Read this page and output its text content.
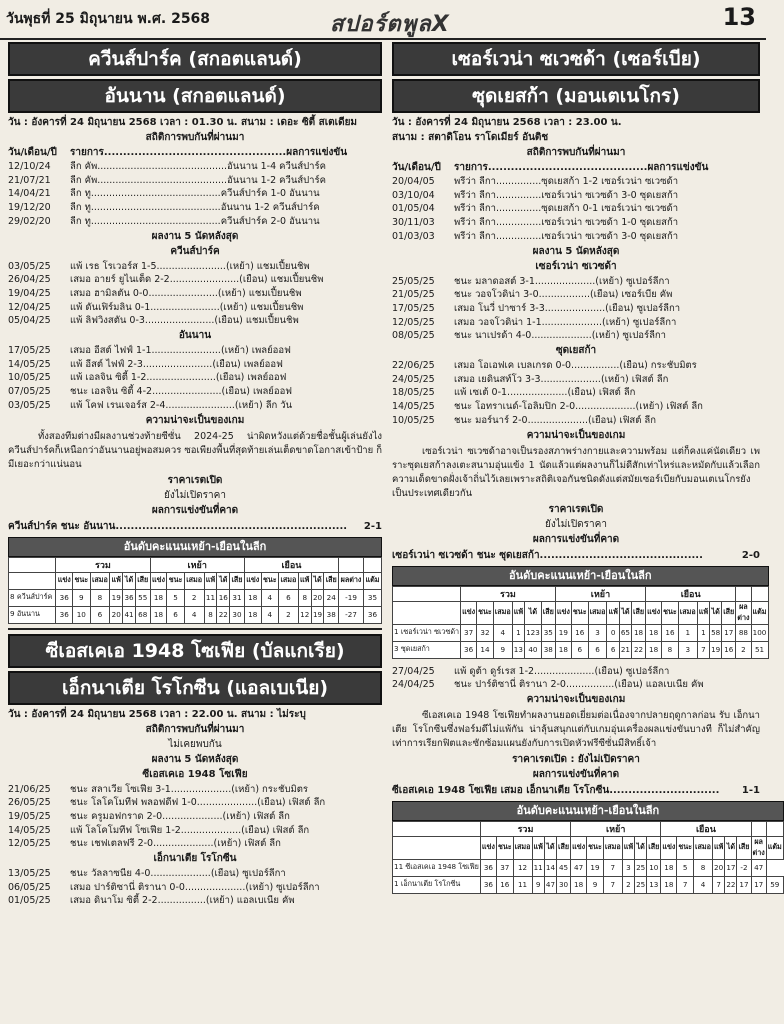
วันพุธที่ 25 มิถุนายน พ.ศ. 2568	สปอร์ตพูลX	13
ควีนส์ปาร์ค (สกอตแลนด์)
อันนาน (สกอตแลนด์)
วัน : อังคารที่ 24 มิถุนายน 2568 เวลา : 01.30 น. สนาม : เดอะ ซิตี้ สเตเดียม
สถิติการพบกันที่ผ่านมา
วัน/เดือน/ปี	รายการ................................................ผลการแข่งขัน
12/10/24	ลีก คัพ...........................................อันนาน 1-4 ควีนส์ปาร์ค
21/07/21	ลีก คัพ...........................................อันนาน 1-2 ควีนส์ปาร์ค
14/04/21	ลีก ทู...........................................ควีนส์ปาร์ค 1-0 อันนาน
19/12/20	ลีก ทู...........................................อันนาน 1-2 ควีนส์ปาร์ค
29/02/20	ลีก ทู...........................................ควีนส์ปาร์ค 2-0 อันนาน
ผลงาน 5 นัดหลังสุด
ควีนส์ปาร์ค
03/05/25	แพ้ เรธ โรเวอร์ส 1-5.......................(เหย้า) แชมเปี้ยนชิพ
26/04/25	เสมอ อายร์ ยูไนเต็ด 2-2.......................(เยือน) แชมเปี้ยนชิพ
19/04/25	เสมอ ฮามิลตัน 0-0.......................(เหย้า) แชมเปี้ยนชิพ
12/04/25	แพ้ ดันเฟิร์มลิน 0-1.......................(เหย้า) แชมเปี้ยนชิพ
05/04/25	แพ้ ลิฟวิงสตัน 0-3.......................(เยือน) แชมเปี้ยนชิพ
อันนาน
17/05/25	เสมอ อีสต์ ไฟฟ์ 1-1.......................(เหย้า) เพลย์ออฟ
14/05/25	แพ้ อีสต์ ไฟฟ์ 2-3.......................(เยือน) เพลย์ออฟ
10/05/25	แพ้ เอลจิน ซิตี้ 1-2.......................(เยือน) เพลย์ออฟ
07/05/25	ชนะ เอลจิน ซิตี้ 4-2.......................(เยือน) เพลย์ออฟ
03/05/25	แพ้ โคฟ เรนเจอร์ส 2-4.......................(เหย้า) ลีก วัน
ความน่าจะเป็นของเกม
ทั้งสองทีมต่างมีผลงานช่วงท้ายซีซั่น 2024-25 น่าผิดหวังแต่ด้วยชื่อชั้นผู้เล่นยังไง ควีนส์ปาร์คก็เหนือกว่าอันนานอยู่พอสมควร ซอเพียงพื้นที่สุดท้ายเล่นเต็ดขาดโอกาสเข้าป้าย ก็มีเยอะกว่าแน่นอน
ราคาเรตเปิด
ยังไม่เปิดราคา
ผลการแข่งขันที่คาด
ควีนส์ปาร์ค ชนะ อันนาน............................................................. 2-1
อันดับคะแนนเหย้า-เยือนในลีก
	รวม						เหย้า						เยือน							
	แข่ง	ชนะ	เสมอ	แพ้	ได้	เสีย	แข่ง	ชนะ	เสมอ	แพ้	ได้	เสีย	แข่ง	ชนะ	เสมอ	แพ้	ได้	เสีย	ผลต่าง	แต้ม
8 ควีนส์ปาร์ค	36	9	8	19	36	55	18	5	2	11	16	31	18	4	6	8	20	24	-19	35
9 อันนาน	36	10	6	20	41	68	18	6	4	8	22	30	18	4	2	12	19	38	-27	36
ซีเอสเคเอ 1948 โซเฟีย (บัลแกเรีย)
เอ็กนาเตีย โรโกซีน (แอลเบเนีย)
วัน : อังคารที่ 24 มิถุนายน 2568 เวลา : 22.00 น. สนาม : ไม่ระบุ
สถิติการพบกันที่ผ่านมา
ไม่เคยพบกัน
ผลงาน 5 นัดหลังสุด
ซีเอสเคเอ 1948 โซเฟีย
21/06/25	ชนะ สลาเวีย โซเฟีย 3-1....................(เหย้า) กระชับมิตร
26/05/25	ชนะ โลโคโมทีฟ พลอฟดีฟ 1-0....................(เยือน) เฟิสต์ ลีก
19/05/25	ชนะ ครูมอฟกราด 2-0....................(เหย้า) เฟิสต์ ลีก
14/05/25	แพ้ โลโคโมทีฟ โซเฟีย 1-2....................(เยือน) เฟิสต์ ลีก
12/05/25	ชนะ เชฟเตลฟรี 2-0....................(เหย้า) เฟิสต์ ลีก
เอ็กนาเตีย โรโกซีน
13/05/25	ชนะ วัลลาซนีย 4-0....................(เยือน) ซูเปอร์ลีกา
06/05/25	เสมอ ปาร์ติซานี่ ติรานา 0-0....................(เหย้า) ซูเปอร์ลีกา
01/05/25	เสมอ ดินาโม ซิตี้ 2-2................(เหย้า) แอลเบเนีย คัพ
เซอร์เวน่า ซเวซด้า (เซอร์เบีย)
ซุดเยสก้า (มอนเตเนโกร)
วัน : อังคารที่ 24 มิถุนายน 2568 เวลา : 23.00 น.
สนาม : สตาดิโอน ราโดเมียร์ อันติช
สถิติการพบกันที่ผ่านมา
วัน/เดือน/ปี	รายการ..........................................ผลการแข่งขัน
20/04/05	พรีว่า ลีกา...............ซุดเยสก้า 1-2 เซอร์เวน่า ซเวซด้า
03/10/04	พรีว่า ลีกา...............เซอร์เวน่า ซเวซด้า 3-0 ซุดเยสก้า
01/05/04	พรีว่า ลีกา...............ซุดเยสก้า 0-1 เซอร์เวน่า ซเวซด้า
30/11/03	พรีว่า ลีกา...............เซอร์เวน่า ซเวซด้า 1-0 ซุดเยสก้า
01/03/03	พรีว่า ลีกา...............เซอร์เวน่า ซเวซด้า 3-0 ซุดเยสก้า
ผลงาน 5 นัดหลังสุด
เซอร์เวน่า ซเวซด้า
25/05/25	ชนะ มลาดอสต์ 3-1....................(เหย้า) ซูเปอร์ลีกา
21/05/25	ชนะ วอจโวดิน่า 3-0.................(เยือน) เซอร์เบีย คัพ
17/05/25	เสมอ โนวี่ ปาซาร์ 3-3....................(เยือน) ซูเปอร์ลีกา
12/05/25	เสมอ วอจโวดิน่า 1-1....................(เหย้า) ซูเปอร์ลีกา
08/05/25	ชนะ นาเปรด้า 4-0....................(เหย้า) ซูเปอร์ลีกา
ซุดเยสก้า
22/06/25	เสมอ โอเอฟเค เบลเกรด 0-0................(เยือน) กระชับมิตร
24/05/25	เสมอ เยดินสท์โว 3-3....................(เหย้า) เฟิสต์ ลีก
18/05/25	แพ้ เซเต้ 0-1....................(เยือน) เฟิสต์ ลีก
14/05/25	ชนะ โอทราเนด์-โอลิมปิก 2-0....................(เหย้า) เฟิสต์ ลีก
10/05/25	ชนะ มอร์นาร์ 2-0....................(เยือน) เฟิสต์ ลีก
ความน่าจะเป็นของเกม
เซอร์เวน่า ซเวซด้าอาจเป็นรองสภาพร่างกายและความพร้อม แต่ก็คงแค่นัดเดียว เพราะซุดเยสก้าลงเตะสนามอุ่นแข้ง 1 นัดแล้วแต่ผลงานก็ไม่ดีสักเท่าไหร่และหมัดกับแล้วเลือก ความเด็ดขาดฝั่งเจ้าถิ่นไว้เลยเพราะสถิติเจอกันชนิดดังแต่สมัยเซอร์เบียกับมอนเตเนโกรยัง เป็นประเทศเดียวกัน
ราคาเรตเปิด
ยังไม่เปิดราคา
ผลการแข่งขันที่คาด
เซอร์เวน่า ซเวซด้า ชนะ ซุดเยสก้า...........................................	2-0
อันดับคะแนนเหย้า-เยือนในลีก
	รวม						เหย้า						เยือน							
	แข่ง	ชนะ	เสมอ	แพ้	ได้	เสีย	แข่ง	ชนะ	เสมอ	แพ้	ได้	เสีย	แข่ง	ชนะ	เสมอ	แพ้	ได้	เสีย	ผลต่าง	แต้ม
1 เซอร์เวน่า ซเวซด้า	37	32	4	1	123	35	19	16	3	0	65	18	18	16	1	1	58	17	88	100
3 ซุดเยสก้า	36	14	9	13	40	38	18	6	6	6	21	22	18	8	3	7	19	16	2	51
27/04/25	แพ้ ดูต้า ดูร์เรส 1-2....................(เยือน) ซูเปอร์ลีกา
24/04/25	ชนะ ปาร์ติซานี่ ติรานา 2-0................(เยือน) แอลเบเนีย คัพ
ความน่าจะเป็นของเกม
ซีเอสเคเอ 1948 โซเฟียทำผลงานยอดเยี่ยมต่อเนื่องจากปลายฤดูกาลก่อน รับ เอ็กนาเตีย โรโกซีนซึ่งฟอร์มดีไม่แพ้กัน น่าลุ้นสนุกแต่กับเกมอุ่นเครื่องผลแข่งขันบางที ก็ไม่สำคัญเท่าการเรียกฟิตและซักซ้อมแผนยังกับการเปิดหัวฟรีซีซั่นมีสิทธิ์เจ้า
ราคาเรตเปิด : ยังไม่เปิดราคา
ผลการแข่งขันที่คาด
ซีเอสเคเอ 1948 โซเฟีย เสมอ เอ็กนาเตีย โรโกซีน............................. 1-1
อันดับคะแนนเหย้า-เยือนในลีก
	รวม						เหย้า						เยือน							
	แข่ง	ชนะ	เสมอ	แพ้	ได้	เสีย	แข่ง	ชนะ	เสมอ	แพ้	ได้	เสีย	แข่ง	ชนะ	เสมอ	แพ้	ได้	เสีย	ผลต่าง	แต้ม
11 ซีเอสเคเอ 1948 โซเฟีย	36	37	12	11	14	45	47	19	7	3	25	10	18	5	8	20	17	-2	47	
1 เอ็กนาเตีย โรโกซีน	36	16	11	9	47	30	18	9	7	2	25	13	18	7	4	7	22	17	17	59
